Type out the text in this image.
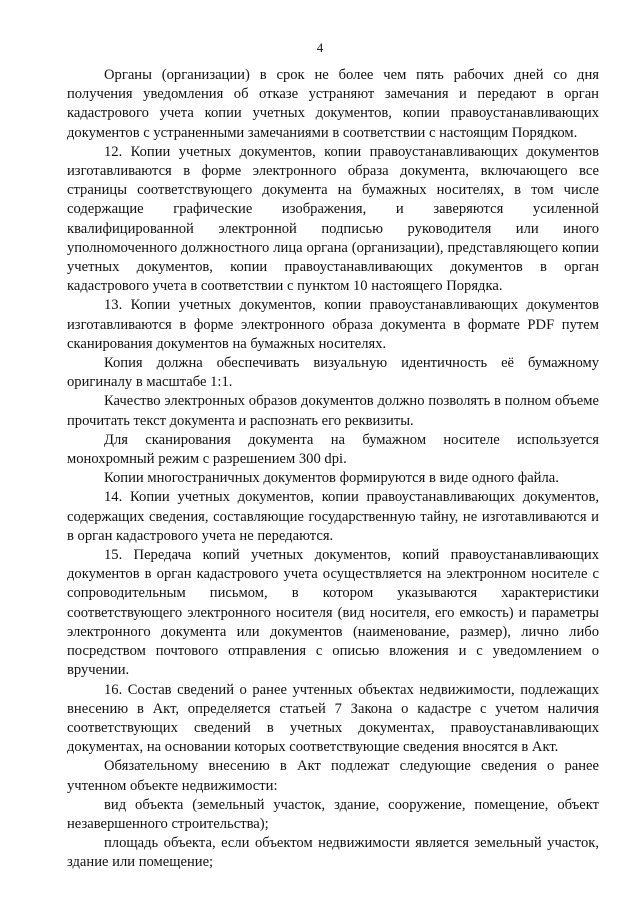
4

Органы (организации) в срок не более чем пять рабочих дней со дня получения уведомления об отказе устраняют замечания и передают в орган кадастрового учета копии учетных документов, копии правоустанавливающих документов с устраненными замечаниями в соответствии с настоящим Порядком.

12. Копии учетных документов, копии правоустанавливающих документов изготавливаются в форме электронного образа документа, включающего все страницы соответствующего документа на бумажных носителях, в том числе содержащие графические изображения, и заверяются усиленной квалифицированной электронной подписью руководителя или иного уполномоченного должностного лица органа (организации), представляющего копии учетных документов, копии правоустанавливающих документов в орган кадастрового учета в соответствии с пунктом 10 настоящего Порядка.

13. Копии учетных документов, копии правоустанавливающих документов изготавливаются в форме электронного образа документа в формате PDF путем сканирования документов на бумажных носителях.

Копия должна обеспечивать визуальную идентичность её бумажному оригиналу в масштабе 1:1.

Качество электронных образов документов должно позволять в полном объеме прочитать текст документа и распознать его реквизиты.

Для сканирования документа на бумажном носителе используется монохромный режим с разрешением 300 dpi.

Копии многостраничных документов формируются в виде одного файла.

14. Копии учетных документов, копии правоустанавливающих документов, содержащих сведения, составляющие государственную тайну, не изготавливаются и в орган кадастрового учета не передаются.

15. Передача копий учетных документов, копий правоустанавливающих документов в орган кадастрового учета осуществляется на электронном носителе с сопроводительным письмом, в котором указываются характеристики соответствующего электронного носителя (вид носителя, его емкость) и параметры электронного документа или документов (наименование, размер), лично либо посредством почтового отправления с описью вложения и с уведомлением о вручении.

16. Состав сведений о ранее учтенных объектах недвижимости, подлежащих внесению в Акт, определяется статьей 7 Закона о кадастре с учетом наличия соответствующих сведений в учетных документах, правоустанавливающих документах, на основании которых соответствующие сведения вносятся в Акт.

Обязательному внесению в Акт подлежат следующие сведения о ранее учтенном объекте недвижимости:

вид объекта (земельный участок, здание, сооружение, помещение, объект незавершенного строительства);

площадь объекта, если объектом недвижимости является земельный участок, здание или помещение;
